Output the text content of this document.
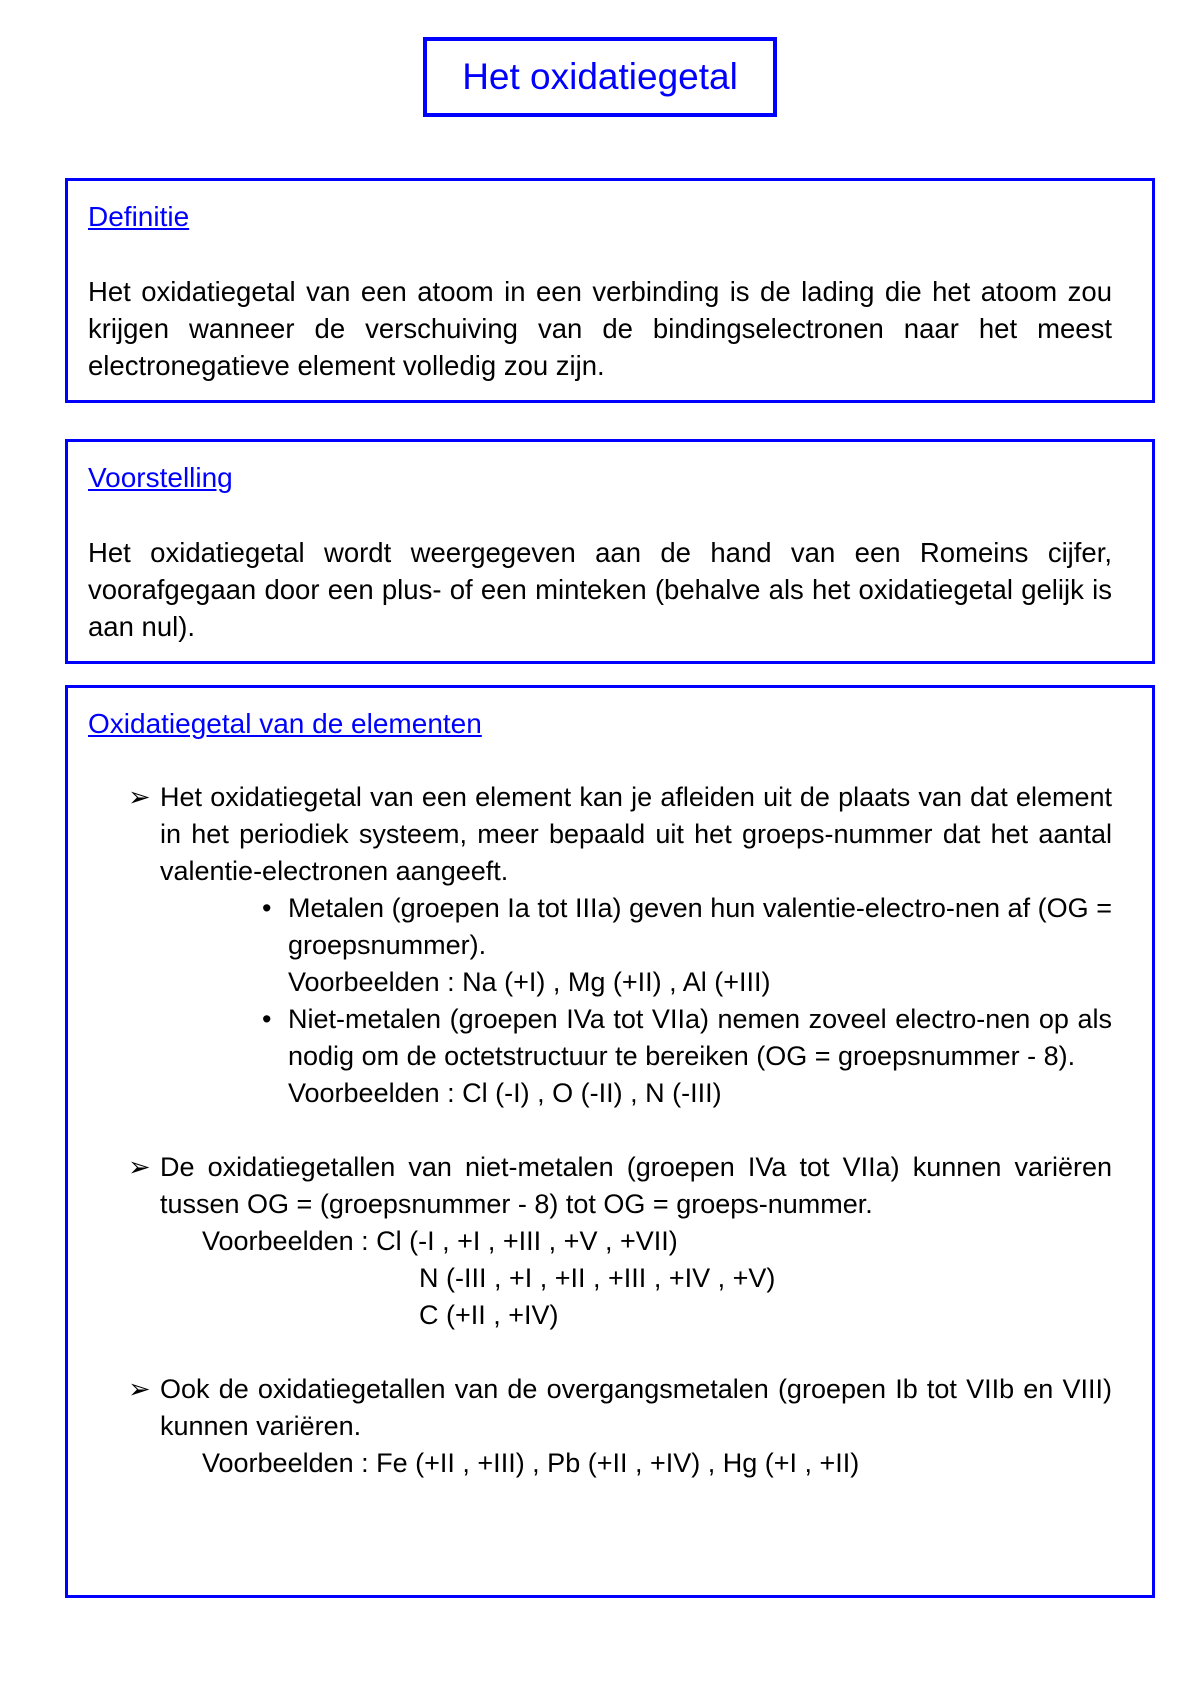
Het oxidatiegetal
Definitie

Het oxidatiegetal van een atoom in een verbinding is de lading die het atoom zou krijgen wanneer de verschuiving van de bindingselectronen naar het meest electronegatieve element volledig zou zijn.

Voorstelling

Het oxidatiegetal wordt weergegeven aan de hand van een Romeins cijfer, voorafgegaan door een plus- of een minteken (behalve als het oxidatiegetal gelijk is aan nul).

Oxidatiegetal van de elementen
➢ Het oxidatiegetal van een element kan je afleiden uit de plaats van dat element in het periodiek systeem, meer bepaald uit het groeps-nummer dat het aantal valentie-electronen aangeeft.
• Metalen (groepen Ia tot IIIa) geven hun valentie-electro-nen af (OG = groepsnummer).
Voorbeelden : Na (+I) , Mg (+II) , Al (+III)
• Niet-metalen (groepen IVa tot VIIa) nemen zoveel electro-nen op als nodig om de octetstructuur te bereiken (OG = groepsnummer - 8).
Voorbeelden : Cl (-I) , O (-II) , N (-III)
➢ De oxidatiegetallen van niet-metalen (groepen IVa tot VIIa) kunnen variëren tussen OG = (groepsnummer - 8) tot OG = groeps-nummer.
Voorbeelden : Cl (-I , +I , +III , +V , +VII)
N (-III , +I , +II , +III , +IV , +V)
C (+II , +IV)
➢ Ook de oxidatiegetallen van de overgangsmetalen (groepen Ib tot VIIb en VIII) kunnen variëren.
Voorbeelden : Fe (+II , +III) , Pb (+II , +IV) , Hg (+I , +II)
